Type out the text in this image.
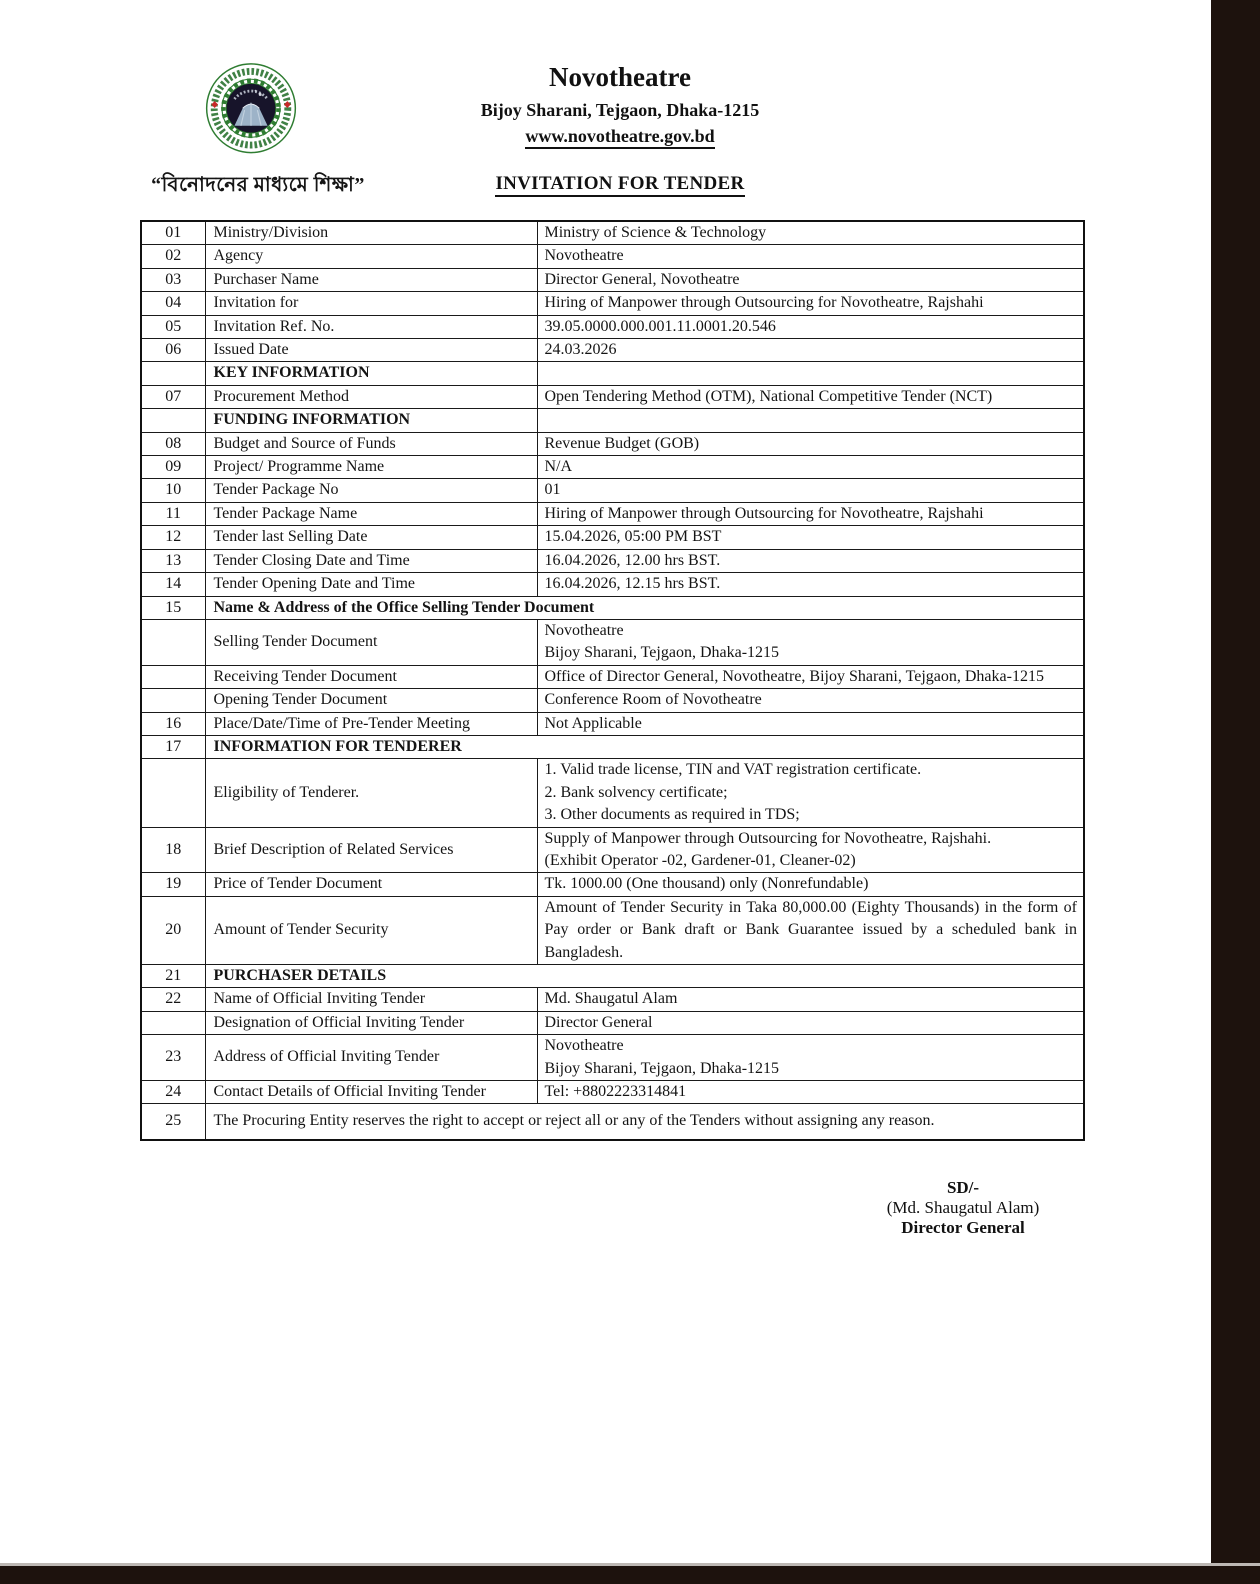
“বিনোদনের মাধ্যমে শিক্ষা”
Novotheatre
Bijoy Sharani, Tejgaon, Dhaka-1215
www.novotheatre.gov.bd
INVITATION FOR TENDER
01	Ministry/Division	Ministry of Science & Technology

02	Agency	Novotheatre

03	Purchaser Name	Director General, Novotheatre

04	Invitation for	Hiring of Manpower through Outsourcing for Novotheatre, Rajshahi

05	Invitation Ref. No.	39.05.0000.000.001.11.0001.20.546

06	Issued Date	24.03.2026

	KEY INFORMATION	

07	Procurement Method	Open Tendering Method (OTM), National Competitive Tender (NCT)

	FUNDING INFORMATION	

08	Budget and Source of Funds	Revenue Budget (GOB)

09	Project/ Programme Name	N/A

10	Tender Package No	01

11	Tender Package Name	Hiring of Manpower through Outsourcing for Novotheatre, Rajshahi

12	Tender last Selling Date	15.04.2026, 05:00 PM BST

13	Tender Closing Date and Time	16.04.2026, 12.00 hrs BST.

14	Tender Opening Date and Time	16.04.2026, 12.15 hrs BST.

15	Name & Address of the Office Selling Tender Document	
	Selling Tender Document	Novotheatre
Bijoy Sharani, Tejgaon, Dhaka-1215

	Receiving Tender Document	Office of Director General, Novotheatre, Bijoy Sharani, Tejgaon, Dhaka-1215

	Opening Tender Document	Conference Room of Novotheatre

16	Place/Date/Time of Pre-Tender Meeting	Not Applicable

17	INFORMATION FOR TENDERER	
	Eligibility of Tenderer.	1. Valid trade license, TIN and VAT registration certificate.
2. Bank solvency certificate;
3. Other documents as required in TDS;

18	Brief Description of Related Services	Supply of Manpower through Outsourcing for Novotheatre, Rajshahi.
(Exhibit Operator -02, Gardener-01, Cleaner-02)

19	Price of Tender Document	Tk. 1000.00 (One thousand) only (Nonrefundable)

20	Amount of Tender Security	Amount of Tender Security in Taka 80,000.00 (Eighty Thousands) in the form of Pay order or Bank draft or Bank Guarantee issued by a scheduled bank in Bangladesh.

21	PURCHASER DETAILS	
22	Name of Official Inviting Tender	Md. Shaugatul Alam

	Designation of Official Inviting Tender	Director General

23	Address of Official Inviting Tender	Novotheatre
Bijoy Sharani, Tejgaon, Dhaka-1215

24	Contact Details of Official Inviting Tender	Tel: +8802223314841

25	The Procuring Entity reserves the right to accept or reject all or any of the Tenders without assigning any reason.	
SD/-
(Md. Shaugatul Alam)
Director General
